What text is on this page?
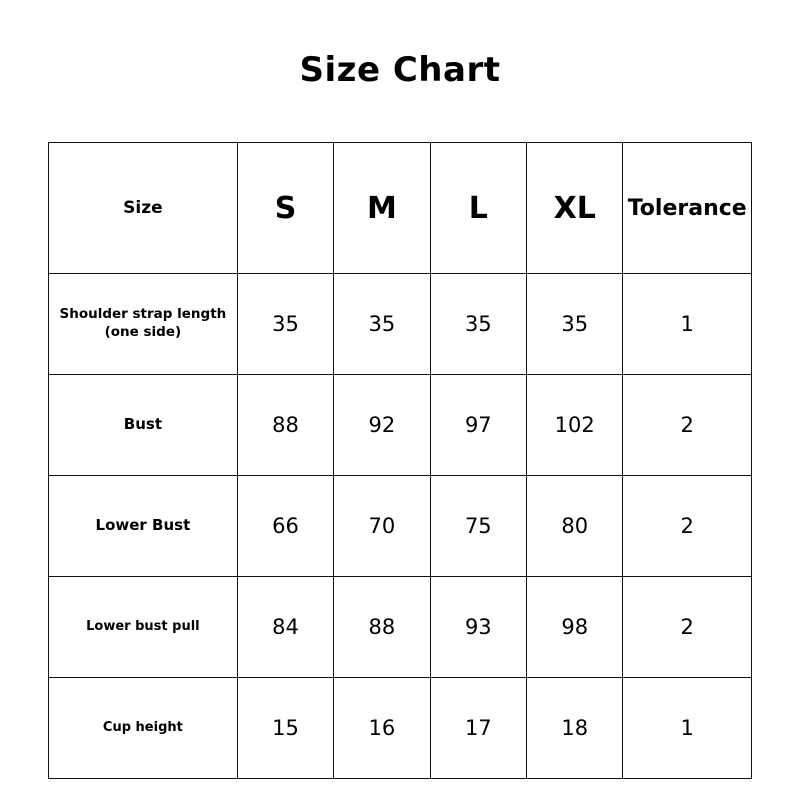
Size Chart
Size	S	M	L	XL	Tolerance
Shoulder strap length (one side)	35	35	35	35	1
Bust	88	92	97	102	2
Lower Bust	66	70	75	80	2
Lower bust pull	84	88	93	98	2
Cup height	15	16	17	18	1
